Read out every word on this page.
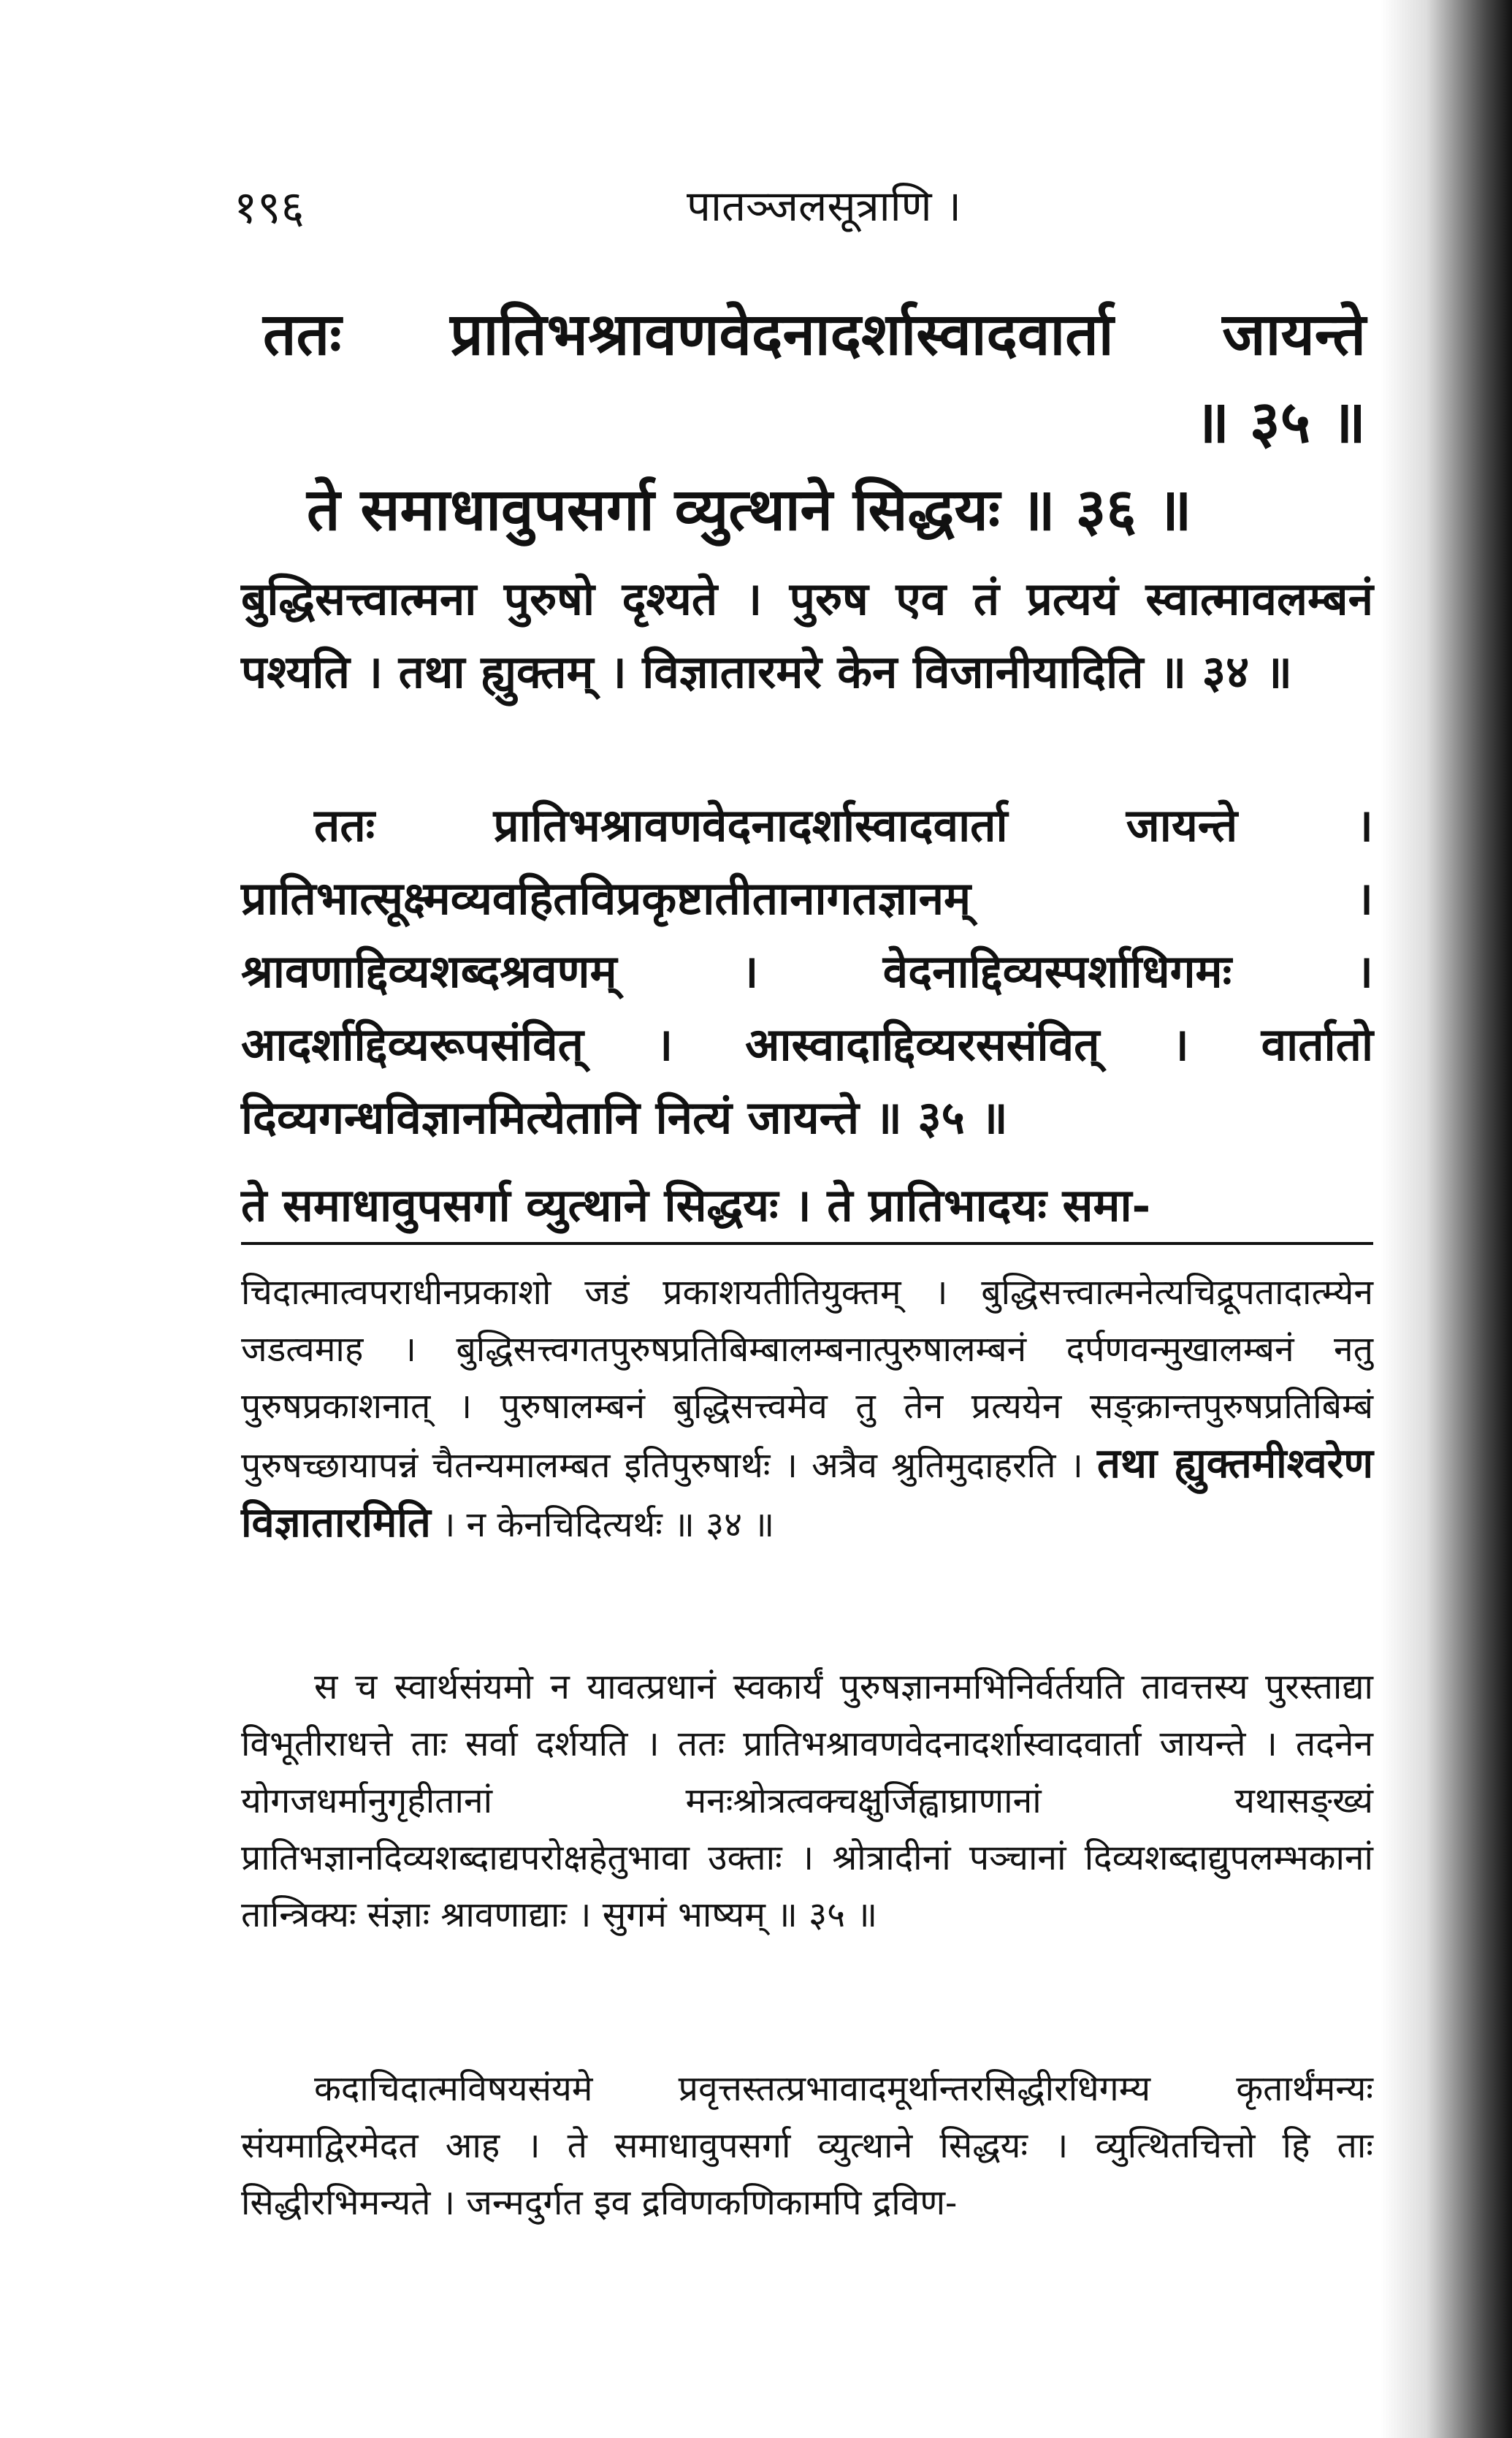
१९६	पातञ्जलसूत्राणि ।
ततः प्रातिभश्रावणवेदनादर्शास्वादवार्ता जायन्ते
॥ ३५ ॥
ते समाधावुपसर्गा व्युत्थाने सिद्धयः ॥ ३६ ॥

बुद्धिसत्त्वात्मना पुरुषो दृश्यते । पुरुष एव तं प्रत्ययं स्वात्मावलम्बनं पश्यति । तथा ह्युक्तम् । विज्ञातारमरे केन विजानीयादिति ॥ ३४ ॥

ततः प्रातिभश्रावणवेदनादर्शास्वादवार्ता जायन्ते । प्रातिभात्सूक्ष्मव्यवहितविप्रकृष्टातीतानागतज्ञानम् । श्रावणाद्दिव्यशब्दश्रवणम् । वेदनाद्दिव्यस्पर्शाधिगमः । आदर्शाद्दिव्यरूपसंवित् । आस्वादाद्दिव्यरससंवित् । वार्तातो दिव्यगन्धविज्ञानमित्येतानि नित्यं जायन्ते ॥ ३५ ॥

ते समाधावुपसर्गा व्युत्थाने सिद्धयः । ते प्रातिभादयः समा-

चिदात्मात्वपराधीनप्रकाशो जडं प्रकाशयतीतियुक्तम् । बुद्धिसत्त्वात्मनेत्यचिद्रूपतादात्म्येन जडत्वमाह । बुद्धिसत्त्वगतपुरुषप्रतिबिम्बालम्बनात्पुरुषालम्बनं दर्पणवन्मुखालम्बनं नतु पुरुषप्रकाशनात् । पुरुषालम्बनं बुद्धिसत्त्वमेव तु तेन प्रत्ययेन सङ्क्रान्तपुरुषप्रतिबिम्बं पुरुषच्छायापन्नं चैतन्यमालम्बत इतिपुरुषार्थः । अत्रैव श्रुतिमुदाहरति । तथा ह्युक्तमीश्वरेण विज्ञातारमिति । न केनचिदित्यर्थः ॥ ३४ ॥

स च स्वार्थसंयमो न यावत्प्रधानं स्वकार्यं पुरुषज्ञानमभिनिर्वर्तयति तावत्तस्य पुरस्ताद्या विभूतीराधत्ते ताः सर्वा दर्शयति । ततः प्रातिभश्रावणवेदनादर्शास्वादवार्ता जायन्ते । तदनेन योगजधर्मानुगृहीतानां मनःश्रोत्रत्वक्चक्षुर्जिह्वाघ्राणानां यथासङ्ख्यं प्रातिभज्ञानदिव्यशब्दाद्यपरोक्षहेतुभावा उक्ताः । श्रोत्रादीनां पञ्चानां दिव्यशब्दाद्युपलम्भकानां तान्त्रिक्यः संज्ञाः श्रावणाद्याः । सुगमं भाष्यम् ॥ ३५ ॥

कदाचिदात्मविषयसंयमे प्रवृत्तस्तत्प्रभावादमूर्थान्तरसिद्धीरधिगम्य कृतार्थंमन्यः संयमाद्विरमेदत आह । ते समाधावुपसर्गा व्युत्थाने सिद्धयः । व्युत्थितचित्तो हि ताः सिद्धीरभिमन्यते । जन्मदुर्गत इव द्रविणकणिकामपि द्रविण-
